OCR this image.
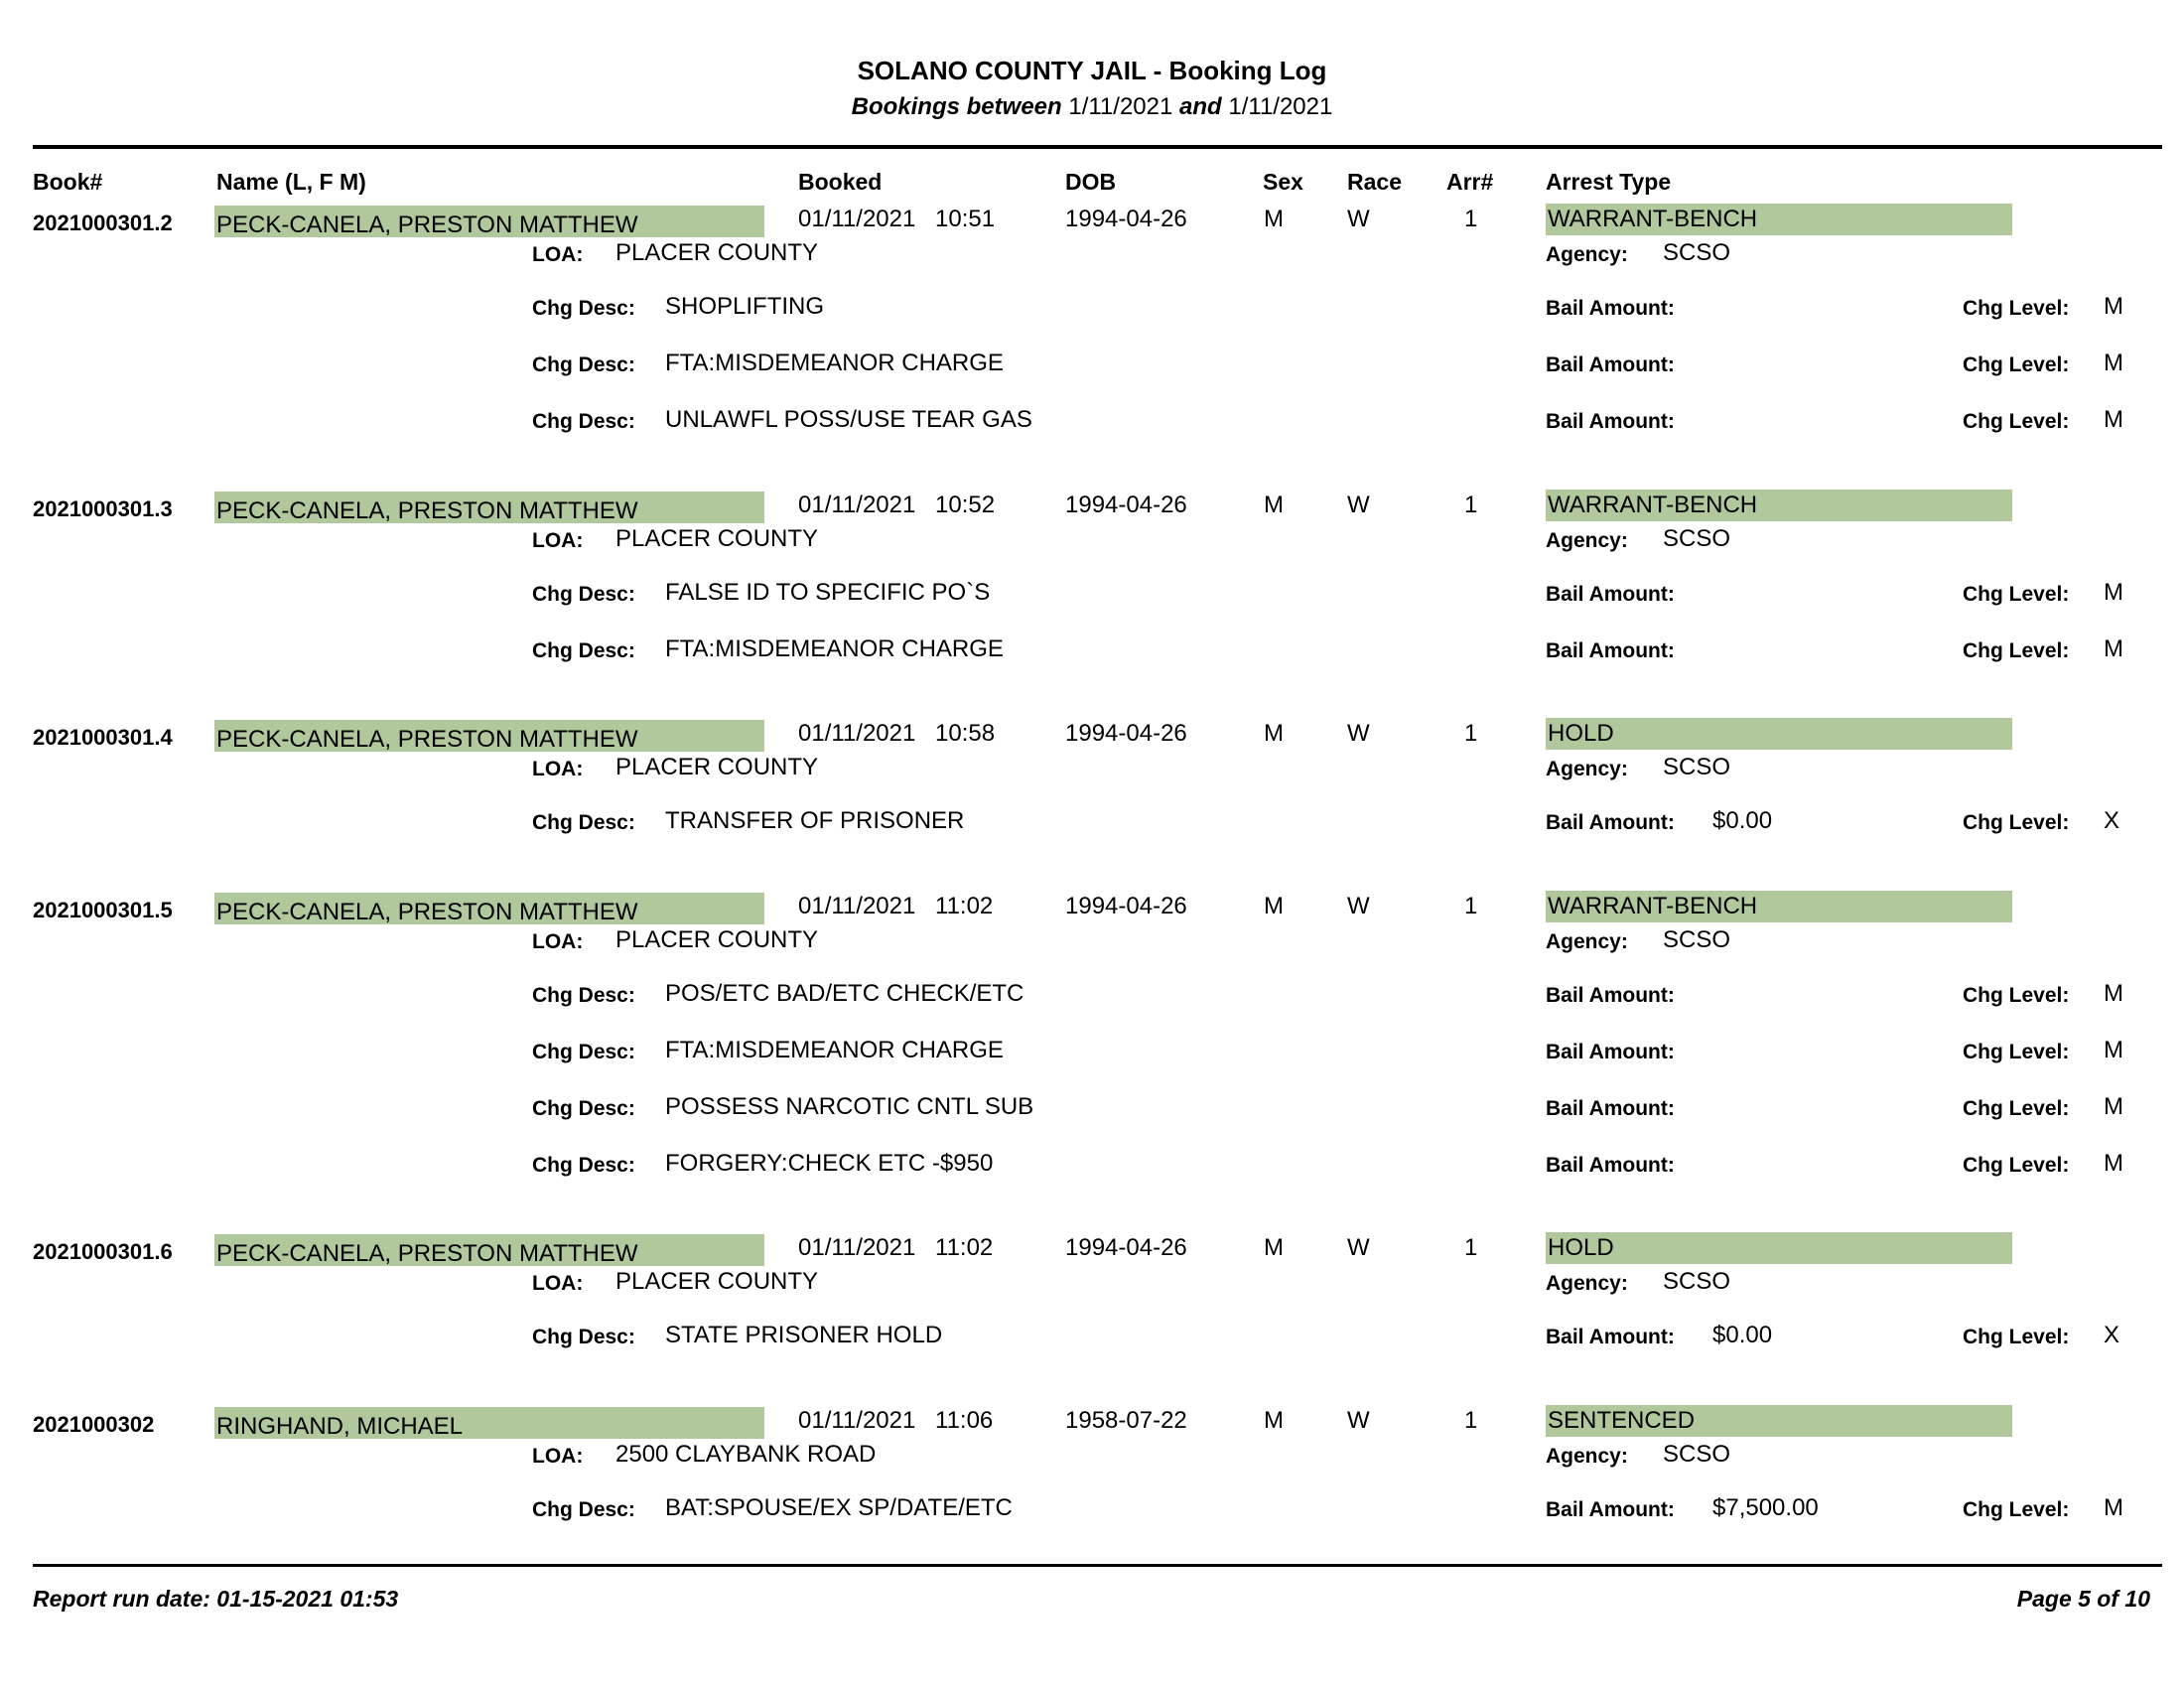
SOLANO COUNTY JAIL - Booking Log
Bookings between 1/11/2021 and 1/11/2021
Book#	Name (L, F M)	Booked	DOB	Sex Race Arr# Arrest Type
2021000301.2 PECK-CANELA, PRESTON MATTHEW	01/11/2021 10:51	1994-04-26	M	W	1	WARRANT-BENCH
LOA: PLACER COUNTY	Agency: SCSO
Chg Desc: SHOPLIFTING	Bail Amount:	Chg Level: M
Chg Desc: FTA:MISDEMEANOR CHARGE	Bail Amount:	Chg Level: M
Chg Desc: UNLAWFL POSS/USE TEAR GAS	Bail Amount:	Chg Level: M
2021000301.3 PECK-CANELA, PRESTON MATTHEW	01/11/2021 10:52	1994-04-26	M	W	1	WARRANT-BENCH
LOA: PLACER COUNTY	Agency: SCSO
Chg Desc: FALSE ID TO SPECIFIC PO`S	Bail Amount:	Chg Level: M
Chg Desc: FTA:MISDEMEANOR CHARGE	Bail Amount:	Chg Level: M
2021000301.4 PECK-CANELA, PRESTON MATTHEW	01/11/2021 10:58	1994-04-26	M	W	1	HOLD
LOA: PLACER COUNTY	Agency: SCSO
Chg Desc: TRANSFER OF PRISONER	Bail Amount: $0.00	Chg Level: X
2021000301.5 PECK-CANELA, PRESTON MATTHEW	01/11/2021 11:02	1994-04-26	M	W	1	WARRANT-BENCH
LOA: PLACER COUNTY	Agency: SCSO
Chg Desc: POS/ETC BAD/ETC CHECK/ETC	Bail Amount:	Chg Level: M
Chg Desc: FTA:MISDEMEANOR CHARGE	Bail Amount:	Chg Level: M
Chg Desc: POSSESS NARCOTIC CNTL SUB	Bail Amount:	Chg Level: M
Chg Desc: FORGERY:CHECK ETC -$950	Bail Amount:	Chg Level: M
2021000301.6 PECK-CANELA, PRESTON MATTHEW	01/11/2021 11:02	1994-04-26	M	W	1	HOLD
LOA: PLACER COUNTY	Agency: SCSO
Chg Desc: STATE PRISONER HOLD	Bail Amount: $0.00	Chg Level: X
2021000302	RINGHAND, MICHAEL	01/11/2021 11:06	1958-07-22	M	W	1	SENTENCED
LOA: 2500 CLAYBANK ROAD	Agency: SCSO
Chg Desc: BAT:SPOUSE/EX SP/DATE/ETC	Bail Amount: $7,500.00	Chg Level: M
Report run date: 01-15-2021 01:53	Page 5 of 10
